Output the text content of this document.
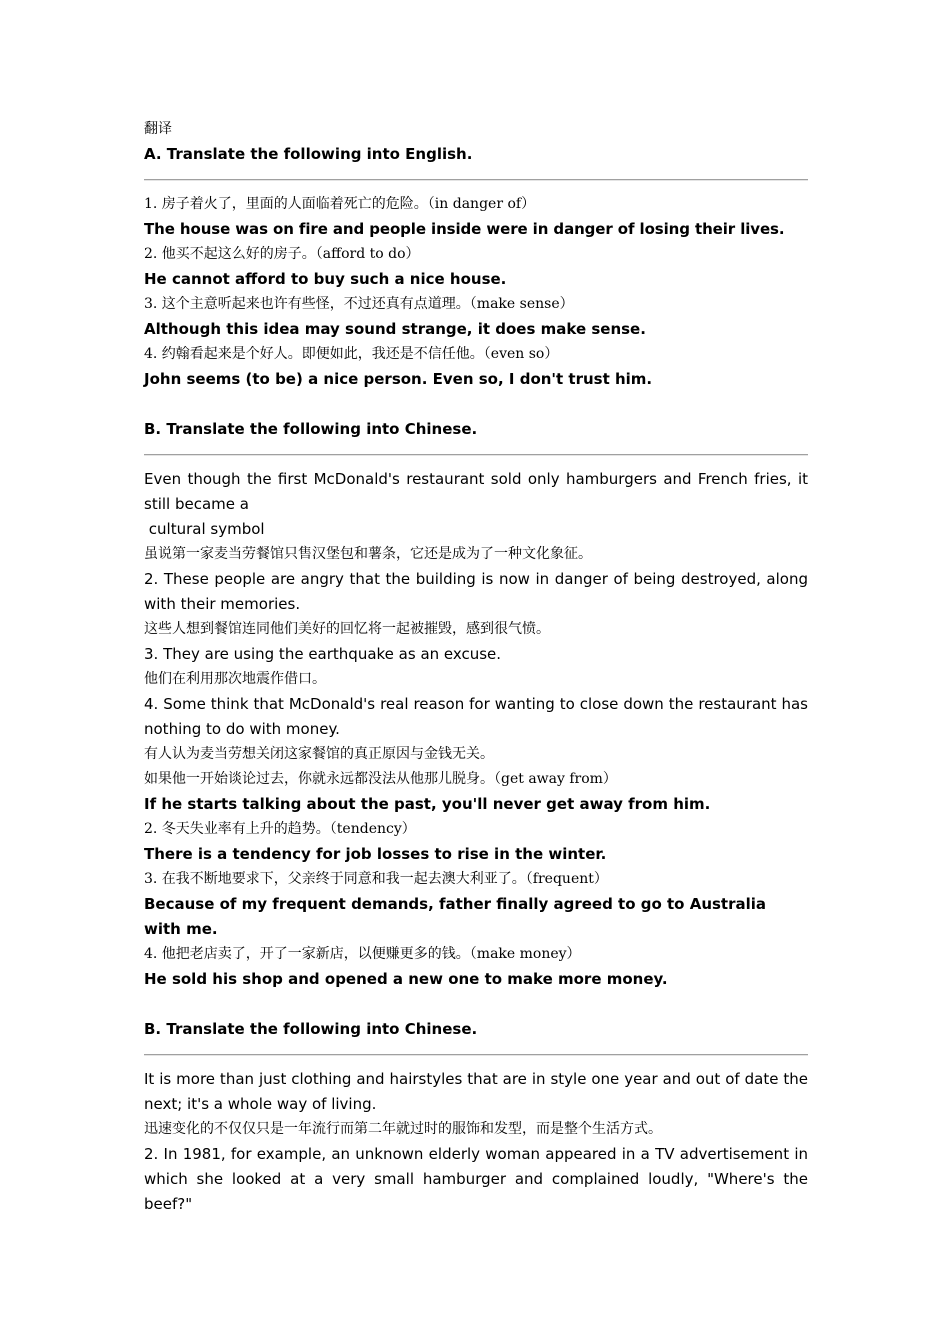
翻译
A. Translate the following into English.
1. 房子着火了，里面的人面临着死亡的危险。（in danger of）
The house was on fire and people inside were in danger of losing their lives.
2. 他买不起这么好的房子。（afford to do）
He cannot afford to buy such a nice house.
3. 这个主意听起来也许有些怪，不过还真有点道理。（make sense）
Although this idea may sound strange, it does make sense.
4. 约翰看起来是个好人。即便如此，我还是不信任他。（even so）
John seems (to be) a nice person. Even so, I don't trust him.
B. Translate the following into Chinese.
Even though the first McDonald's restaurant sold only hamburgers and French fries, it still became a
cultural symbol
虽说第一家麦当劳餐馆只售汉堡包和薯条，它还是成为了一种文化象征。
2. These people are angry that the building is now in danger of being destroyed, along with their memories.
这些人想到餐馆连同他们美好的回忆将一起被摧毁，感到很气愤。
3. They are using the earthquake as an excuse.
他们在利用那次地震作借口。
4. Some think that McDonald's real reason for wanting to close down the restaurant has nothing to do with money.
有人认为麦当劳想关闭这家餐馆的真正原因与金钱无关。
如果他一开始谈论过去，你就永远都没法从他那儿脱身。（get away from）
If he starts talking about the past, you'll never get away from him.
2. 冬天失业率有上升的趋势。（tendency）
There is a tendency for job losses to rise in the winter.
3. 在我不断地要求下，父亲终于同意和我一起去澳大利亚了。（frequent）
Because of my frequent demands, father finally agreed to go to Australia with me.
4. 他把老店卖了，开了一家新店，以便赚更多的钱。（make money）
He sold his shop and opened a new one to make more money.
B. Translate the following into Chinese.
It is more than just clothing and hairstyles that are in style one year and out of date the next; it's a whole way of living.
迅速变化的不仅仅只是一年流行而第二年就过时的服饰和发型，而是整个生活方式。
2. In 1981, for example, an unknown elderly woman appeared in a TV advertisement in which she looked at a very small hamburger and complained loudly, "Where's the beef?"
